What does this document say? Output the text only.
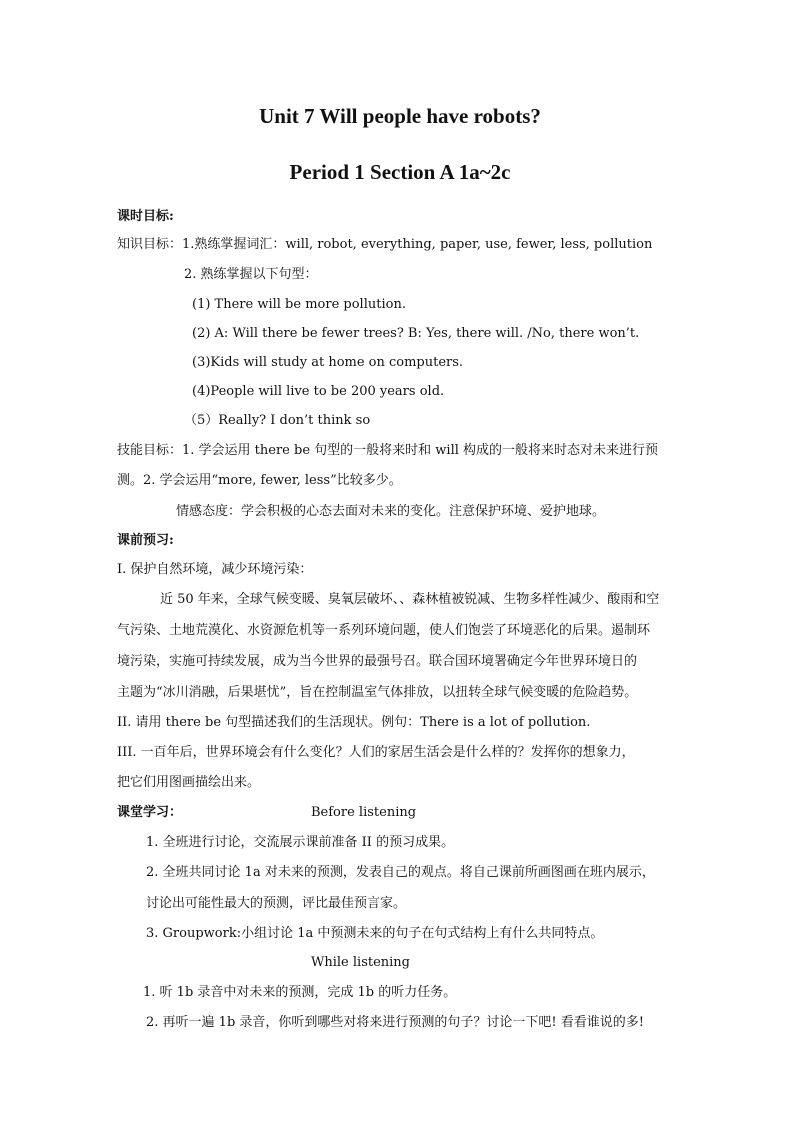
Unit 7 Will people have robots?
Period 1 Section A 1a~2c
课时目标:
知识目标：1.熟练掌握词汇：will, robot, everything, paper, use, fewer, less, pollution
2. 熟练掌握以下句型：
(1) There will be more pollution.
(2) A: Will there be fewer trees? B: Yes, there will. /No, there won’t.
(3)Kids will study at home on computers.
(4)People will live to be 200 years old.
（5）Really? I don’t think so
技能目标：1. 学会运用 there be 句型的一般将来时和 will 构成的一般将来时态对未来进行预
测。2. 学会运用“more, fewer, less”比较多少。
情感态度：学会积极的心态去面对未来的变化。注意保护环境、爱护地球。
课前预习:
I. 保护自然环境，减少环境污染：
近 50 年来，全球气候变暖、臭氧层破坏、、森林植被锐减、生物多样性减少、酸雨和空
气污染、土地荒漠化、水资源危机等一系列环境问题，使人们饱尝了环境恶化的后果。遏制环
境污染，实施可持续发展，成为当今世界的最强号召。联合国环境署确定今年世界环境日的
主题为“冰川消融，后果堪忧”，旨在控制温室气体排放，以扭转全球气候变暖的危险趋势。
II. 请用 there be 句型描述我们的生活现状。例句：There is a lot of pollution.
III. 一百年后，世界环境会有什么变化？人们的家居生活会是什么样的？发挥你的想象力，
把它们用图画描绘出来。
课堂学习：	Before listening
1. 全班进行讨论，交流展示课前准备 II 的预习成果。
2. 全班共同讨论 1a 对未来的预测，发表自己的观点。将自己课前所画图画在班内展示，
讨论出可能性最大的预测，评比最佳预言家。
3. Groupwork:小组讨论 1a 中预测未来的句子在句式结构上有什么共同特点。
While listening
1. 听 1b 录音中对未来的预测，完成 1b 的听力任务。
2. 再听一遍 1b 录音，你听到哪些对将来进行预测的句子？讨论一下吧! 看看谁说的多!
